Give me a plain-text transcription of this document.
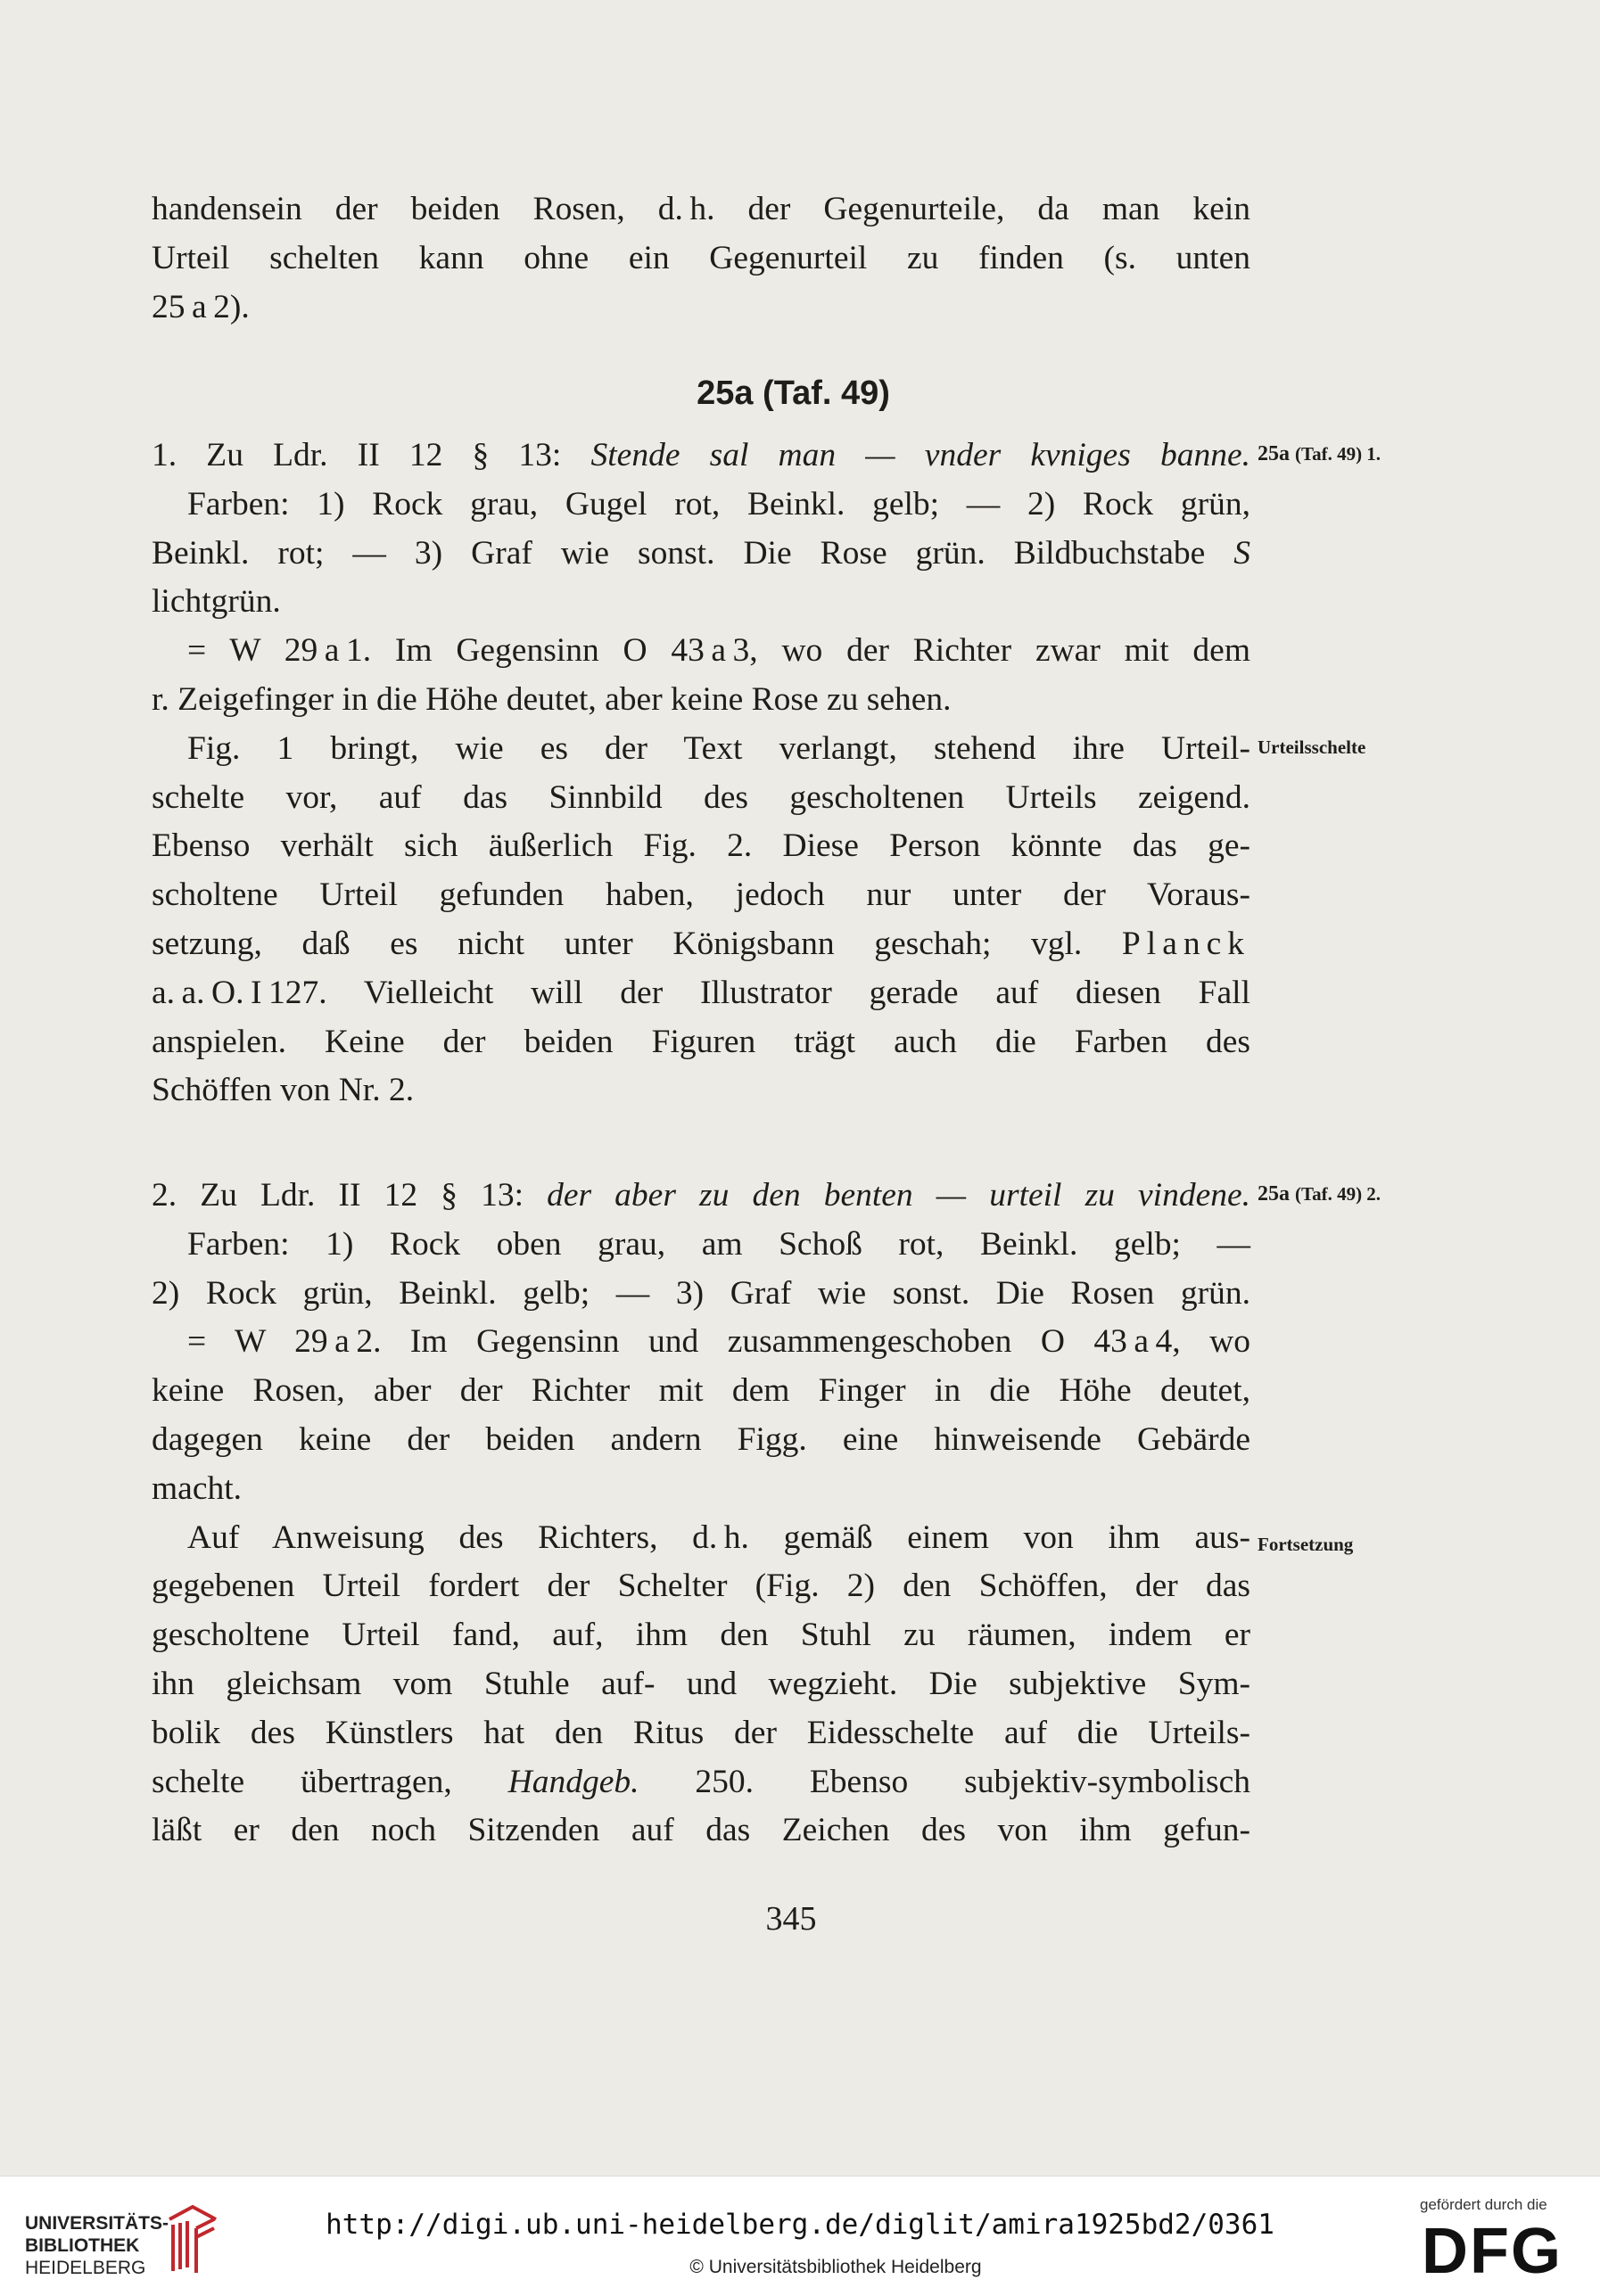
handensein der beiden Rosen, d. h. der Gegenurteile, da man kein
Urteil schelten kann ohne ein Gegenurteil zu finden (s. unten
25 a 2).
25a (Taf. 49)
1. Zu Ldr. II 12 § 13: Stende sal man — vnder kvniges banne.
Farben: 1) Rock grau, Gugel rot, Beinkl. gelb; — 2) Rock grün,
Beinkl. rot; — 3) Graf wie sonst. Die Rose grün. Bildbuchstabe S
lichtgrün.
= W 29 a 1. Im Gegensinn O 43 a 3, wo der Richter zwar mit dem
r. Zeigefinger in die Höhe deutet, aber keine Rose zu sehen.
Fig. 1 bringt, wie es der Text verlangt, stehend ihre Urteil-
schelte vor, auf das Sinnbild des gescholtenen Urteils zeigend.
Ebenso verhält sich äußerlich Fig. 2. Diese Person könnte das ge-
scholtene Urteil gefunden haben, jedoch nur unter der Voraus-
setzung, daß es nicht unter Königsbann geschah; vgl. Planck
a. a. O. I 127. Vielleicht will der Illustrator gerade auf diesen Fall
anspielen. Keine der beiden Figuren trägt auch die Farben des
Schöffen von Nr. 2.
2. Zu Ldr. II 12 § 13: der aber zu den benten — urteil zu vindene.
Farben: 1) Rock oben grau, am Schoß rot, Beinkl. gelb; —
2) Rock grün, Beinkl. gelb; — 3) Graf wie sonst. Die Rosen grün.
= W 29 a 2. Im Gegensinn und zusammengeschoben O 43 a 4, wo
keine Rosen, aber der Richter mit dem Finger in die Höhe deutet,
dagegen keine der beiden andern Figg. eine hinweisende Gebärde
macht.
Auf Anweisung des Richters, d. h. gemäß einem von ihm aus-
gegebenen Urteil fordert der Schelter (Fig. 2) den Schöffen, der das
gescholtene Urteil fand, auf, ihm den Stuhl zu räumen, indem er
ihn gleichsam vom Stuhle auf- und wegzieht. Die subjektive Sym-
bolik des Künstlers hat den Ritus der Eidesschelte auf die Urteils-
schelte übertragen, Handgeb. 250. Ebenso subjektiv-symbolisch
läßt er den noch Sitzenden auf das Zeichen des von ihm gefun-
25a (Taf. 49) 1.
Urteilsschelte
25a (Taf. 49) 2.
Fortsetzung
345
UNIVERSITÄTS-
BIBLIOTHEK
HEIDELBERG
http://digi.ub.uni-heidelberg.de/diglit/amira1925bd2/0361
© Universitätsbibliothek Heidelberg
gefördert durch die
DFG
